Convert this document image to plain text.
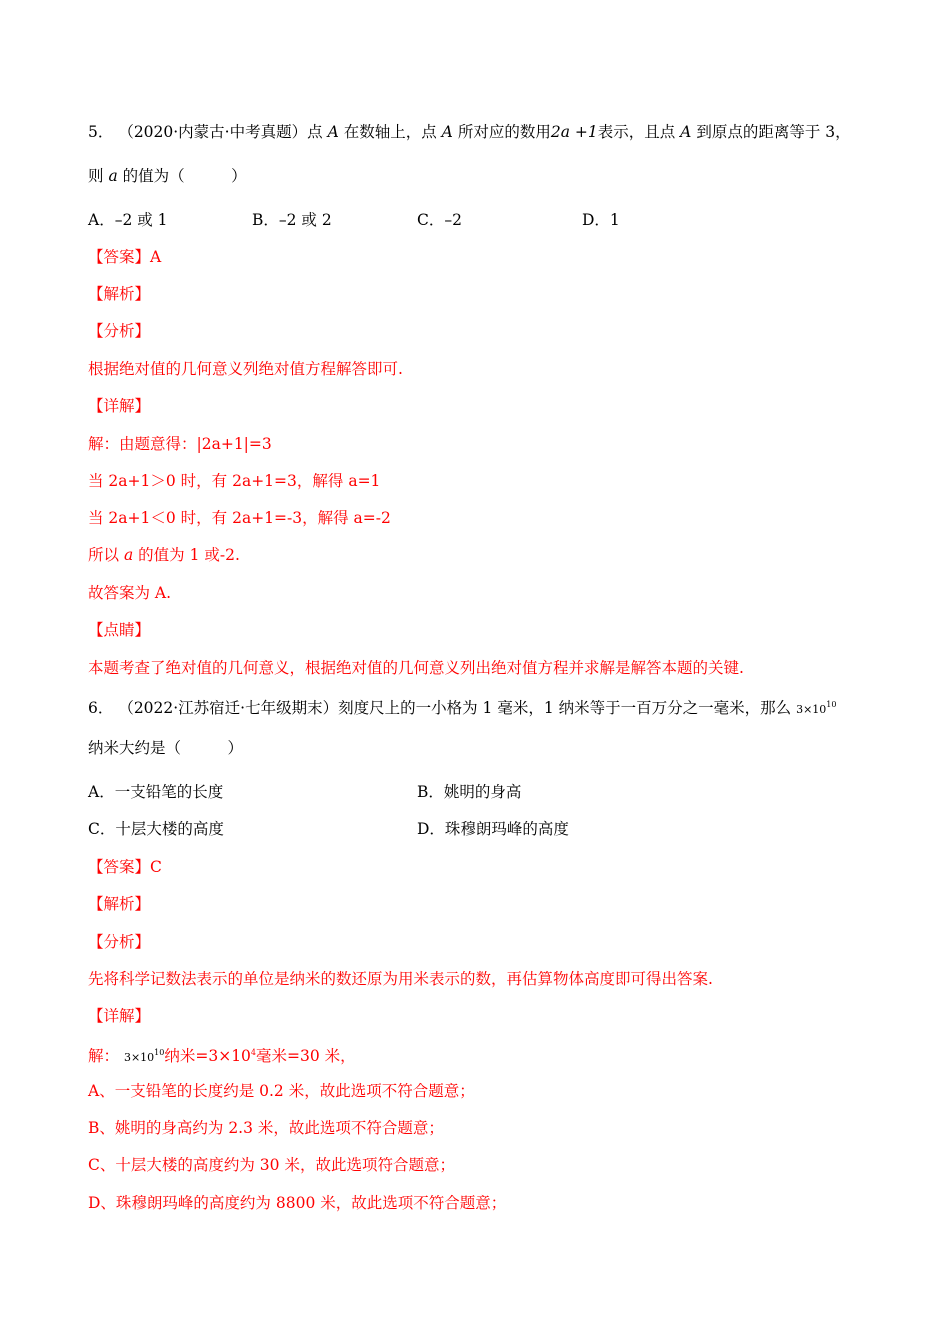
5． （2020·内蒙古·中考真题）点 A 在数轴上，点 A 所对应的数用2a +1表示，且点 A 到原点的距离等于 3，
则 a 的值为（　　　）
A．–2 或 1	B．–2 或 2	C．–2	D．1
【答案】A
【解析】
【分析】
根据绝对值的几何意义列绝对值方程解答即可.
【详解】
解：由题意得：|2a+1|=3
当 2a+1＞0 时，有 2a+1=3，解得 a=1
当 2a+1＜0 时，有 2a+1=-3，解得 a=-2
所以 a 的值为 1 或-2.
故答案为 A.
【点睛】
本题考查了绝对值的几何意义，根据绝对值的几何意义列出绝对值方程并求解是解答本题的关键.
6． （2022·江苏宿迁·七年级期末）刻度尺上的一小格为 1 毫米，1 纳米等于一百万分之一毫米，那么 $3\times 10^{10}$
纳米大约是（　　　）
A．一支铅笔的长度	B．姚明的身高
C．十层大楼的高度	D．珠穆朗玛峰的高度
【答案】C
【解析】
【分析】
先将科学记数法表示的单位是纳米的数还原为用米表示的数，再估算物体高度即可得出答案.
【详解】
解： $3\times 10^{10}$纳米$=3\times 10^4$毫米=30 米，
A、一支铅笔的长度约是 0.2 米，故此选项不符合题意；
B、姚明的身高约为 2.3 米，故此选项不符合题意；
C、十层大楼的高度约为 30 米，故此选项符合题意；
D、珠穆朗玛峰的高度约为 8800 米，故此选项不符合题意；
